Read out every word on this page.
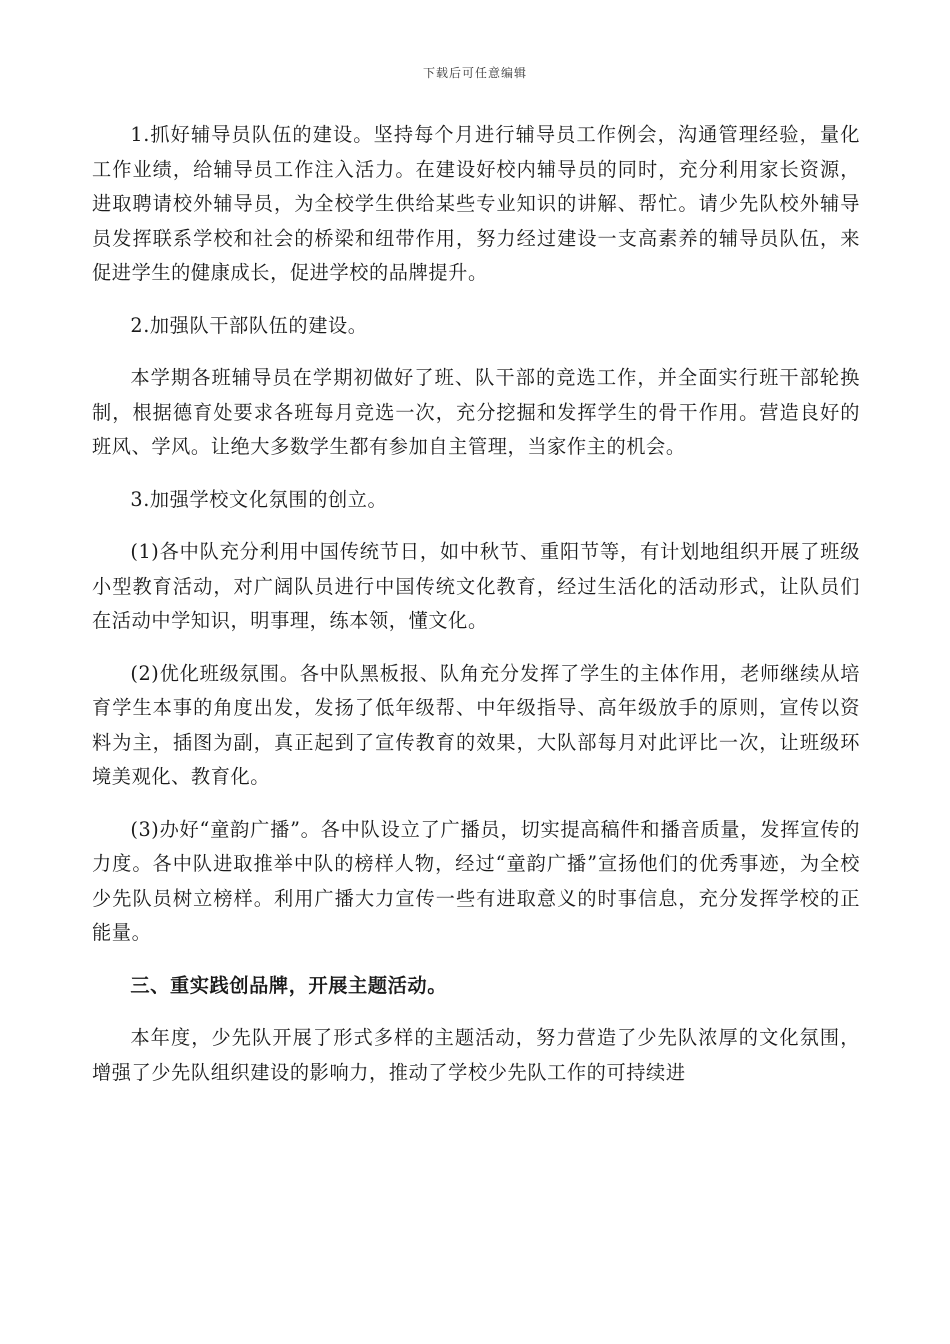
下载后可任意编辑

1.抓好辅导员队伍的建设。坚持每个月进行辅导员工作例会，沟通管理经验，量化工作业绩，给辅导员工作注入活力。在建设好校内辅导员的同时，充分利用家长资源，进取聘请校外辅导员，为全校学生供给某些专业知识的讲解、帮忙。请少先队校外辅导员发挥联系学校和社会的桥梁和纽带作用，努力经过建设一支高素养的辅导员队伍，来促进学生的健康成长，促进学校的品牌提升。

2.加强队干部队伍的建设。

本学期各班辅导员在学期初做好了班、队干部的竞选工作，并全面实行班干部轮换制，根据德育处要求各班每月竞选一次，充分挖掘和发挥学生的骨干作用。营造良好的班风、学风。让绝大多数学生都有参加自主管理，当家作主的机会。

3.加强学校文化氛围的创立。

(1)各中队充分利用中国传统节日，如中秋节、重阳节等，有计划地组织开展了班级小型教育活动，对广阔队员进行中国传统文化教育，经过生活化的活动形式，让队员们在活动中学知识，明事理，练本领，懂文化。

(2)优化班级氛围。各中队黑板报、队角充分发挥了学生的主体作用，老师继续从培育学生本事的角度出发，发扬了低年级帮、中年级指导、高年级放手的原则，宣传以资料为主，插图为副，真正起到了宣传教育的效果，大队部每月对此评比一次，让班级环境美观化、教育化。

(3)办好“童韵广播”。各中队设立了广播员，切实提高稿件和播音质量，发挥宣传的力度。各中队进取推举中队的榜样人物，经过“童韵广播”宣扬他们的优秀事迹，为全校少先队员树立榜样。利用广播大力宣传一些有进取意义的时事信息，充分发挥学校的正能量。

三、重实践创品牌，开展主题活动。

本年度，少先队开展了形式多样的主题活动，努力营造了少先队浓厚的文化氛围，增强了少先队组织建设的影响力，推动了学校少先队工作的可持续进
